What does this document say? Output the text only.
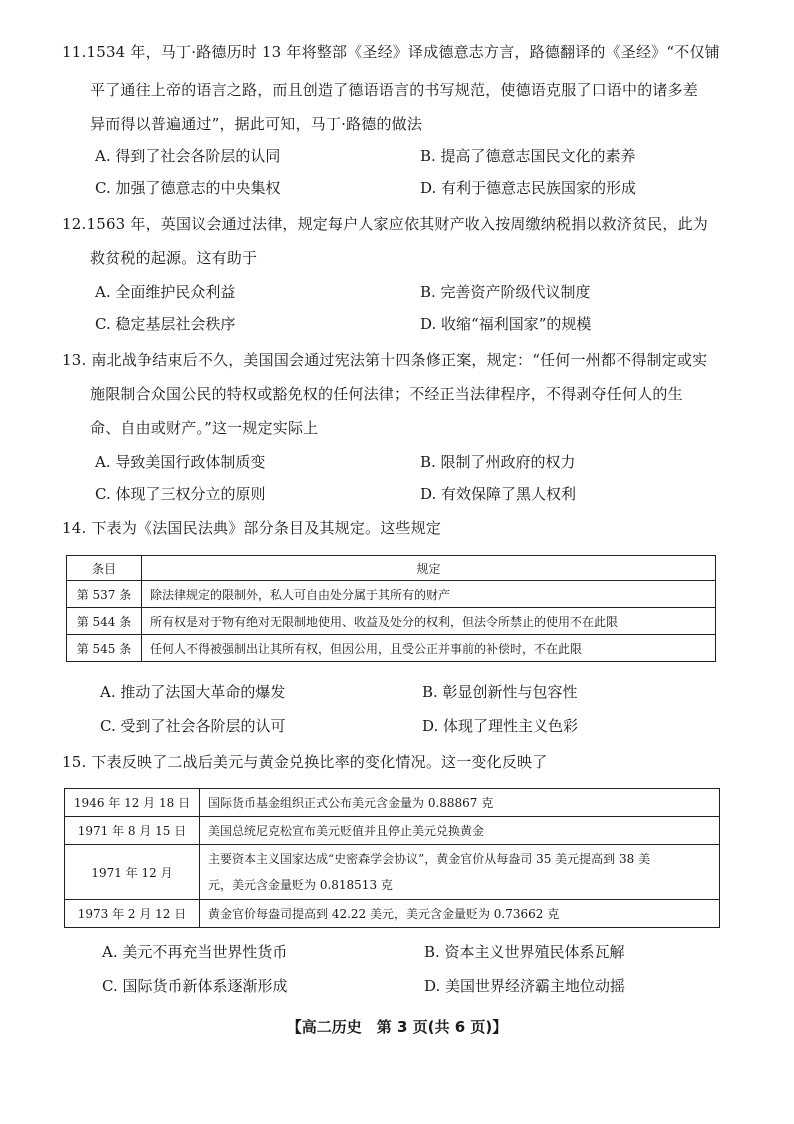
11.1534 年，马丁·路德历时 13 年将整部《圣经》译成德意志方言，路德翻译的《圣经》“不仅铺
平了通往上帝的语言之路，而且创造了德语语言的书写规范，使德语克服了口语中的诸多差
异而得以普遍通过”，据此可知，马丁·路德的做法
A. 得到了社会各阶层的认同	B. 提高了德意志国民文化的素养
C. 加强了德意志的中央集权	D. 有利于德意志民族国家的形成
12.1563 年，英国议会通过法律，规定每户人家应依其财产收入按周缴纳税捐以救济贫民，此为
救贫税的起源。这有助于
A. 全面维护民众利益	B. 完善资产阶级代议制度
C. 稳定基层社会秩序	D. 收缩“福利国家”的规模
13. 南北战争结束后不久，美国国会通过宪法第十四条修正案，规定：“任何一州都不得制定或实
施限制合众国公民的特权或豁免权的任何法律；不经正当法律程序，不得剥夺任何人的生
命、自由或财产。”这一规定实际上
A. 导致美国行政体制质变	B. 限制了州政府的权力
C. 体现了三权分立的原则	D. 有效保障了黑人权利
14. 下表为《法国民法典》部分条目及其规定。这些规定
条目	规定
第 537 条	除法律规定的限制外，私人可自由处分属于其所有的财产
第 544 条	所有权是对于物有绝对无限制地使用、收益及处分的权利，但法令所禁止的使用不在此限
第 545 条	任何人不得被强制出让其所有权，但因公用，且受公正并事前的补偿时，不在此限
A. 推动了法国大革命的爆发	B. 彰显创新性与包容性
C. 受到了社会各阶层的认可	D. 体现了理性主义色彩
15. 下表反映了二战后美元与黄金兑换比率的变化情况。这一变化反映了
1946 年 12 月 18 日	国际货币基金组织正式公布美元含金量为 0.88867 克
1971 年 8 月 15 日	美国总统尼克松宣布美元贬值并且停止美元兑换黄金
1971 年 12 月	主要资本主义国家达成“史密森学会协议”，黄金官价从每盎司 35 美元提高到 38 美
元，美元含金量贬为 0.818513 克
1973 年 2 月 12 日	黄金官价每盎司提高到 42.22 美元，美元含金量贬为 0.73662 克
A. 美元不再充当世界性货币	B. 资本主义世界殖民体系瓦解
C. 国际货币新体系逐渐形成	D. 美国世界经济霸主地位动摇
【高二历史　第 3 页(共 6 页)】
